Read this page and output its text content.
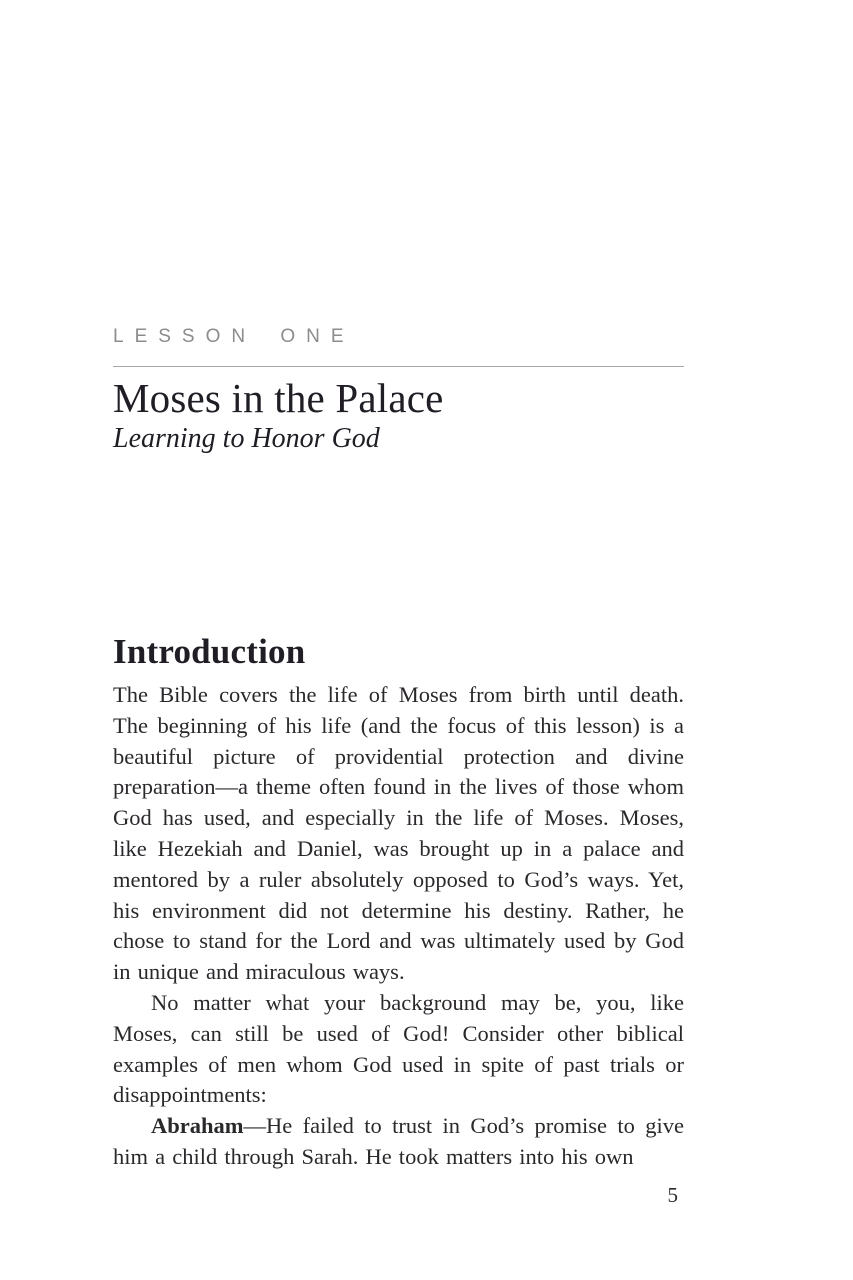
LESSON ONE
Moses in the Palace
Learning to Honor God
Introduction

The Bible covers the life of Moses from birth until death. The beginning of his life (and the focus of this lesson) is a beautiful picture of providential protection and divine preparation—a theme often found in the lives of those whom God has used, and especially in the life of Moses. Moses, like Hezekiah and Daniel, was brought up in a palace and mentored by a ruler absolutely opposed to God’s ways. Yet, his environment did not determine his destiny. Rather, he chose to stand for the Lord and was ultimately used by God in unique and miraculous ways.

No matter what your background may be, you, like Moses, can still be used of God! Consider other biblical examples of men whom God used in spite of past trials or disappointments:

Abraham—He failed to trust in God’s promise to give him a child through Sarah. He took matters into his own

5
